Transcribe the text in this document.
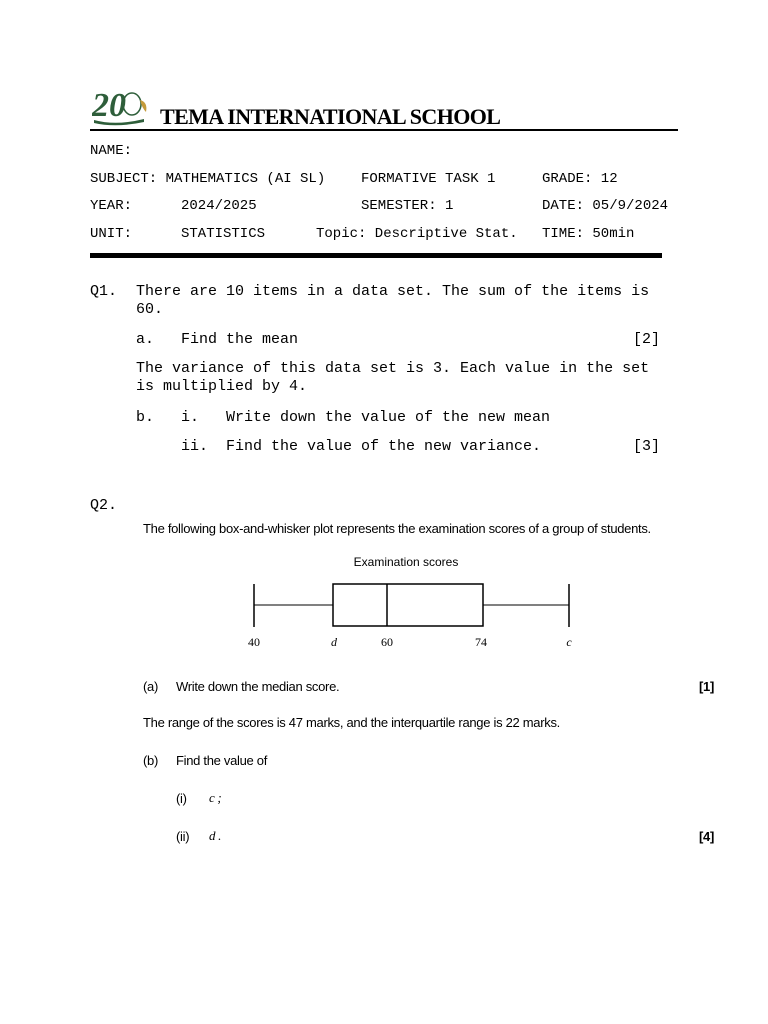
20 TEMA INTERNATIONAL SCHOOL
NAME:
SUBJECT: MATHEMATICS (AI SL)	FORMATIVE TASK 1	GRADE: 12
YEAR:	2024/2025	SEMESTER: 1	DATE: 05/9/2024
UNIT:	STATISTICS	Topic: Descriptive Stat. TIME: 50min
Q1. There are 10 items in a data set. The sum of the items is
60.
a. Find the mean	[2]
The variance of this data set is 3. Each value in the set
is multiplied by 4.
b. i. Write down the value of the new mean
ii. Find the value of the new variance.	[3]
Q2.
The following box-and-whisker plot represents the examination scores of a group of students.
Examination scores
40	d	60	74	c
(a) Write down the median score.	[1]
The range of the scores is 47 marks, and the interquartile range is 22 marks.
(b) Find the value of
(i) c ;
(ii) d .	[4]
